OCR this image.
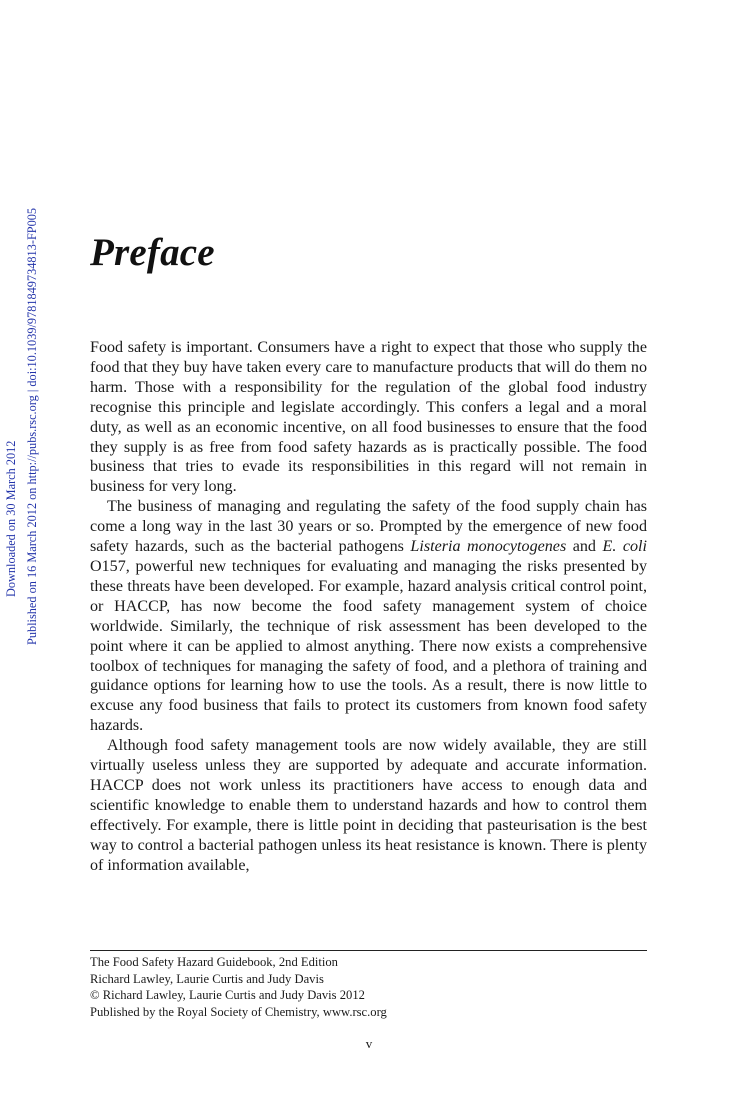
Downloaded on 30 March 2012 Published on 16 March 2012 on http://pubs.rsc.org | doi:10.1039/9781849734813-FP005 Preface

Food safety is important. Consumers have a right to expect that those who supply the food that they buy have taken every care to manufacture products that will do them no harm. Those with a responsibility for the regulation of the global food industry recognise this principle and legislate accordingly. This confers a legal and a moral duty, as well as an economic incentive, on all food businesses to ensure that the food they supply is as free from food safety hazards as is practically possible. The food business that tries to evade its responsibilities in this regard will not remain in business for very long.

The business of managing and regulating the safety of the food supply chain has come a long way in the last 30 years or so. Prompted by the emergence of new food safety hazards, such as the bacterial pathogens Listeria monocytogenes and E. coli O157, powerful new techniques for evaluating and managing the risks presented by these threats have been developed. For example, hazard analysis critical control point, or HACCP, has now become the food safety management system of choice worldwide. Similarly, the technique of risk assessment has been developed to the point where it can be applied to almost anything. There now exists a comprehensive toolbox of techniques for managing the safety of food, and a plethora of training and guidance options for learning how to use the tools. As a result, there is now little to excuse any food business that fails to protect its customers from known food safety hazards.

Although food safety management tools are now widely available, they are still virtually useless unless they are supported by adequate and accurate information. HACCP does not work unless its practitioners have access to enough data and scientific knowledge to enable them to understand hazards and how to control them effectively. For example, there is little point in deciding that pasteurisation is the best way to control a bacterial pathogen unless its heat resistance is known. There is plenty of information available,

The Food Safety Hazard Guidebook, 2nd Edition
Richard Lawley, Laurie Curtis and Judy Davis
© Richard Lawley, Laurie Curtis and Judy Davis 2012
Published by the Royal Society of Chemistry, www.rsc.org
v
